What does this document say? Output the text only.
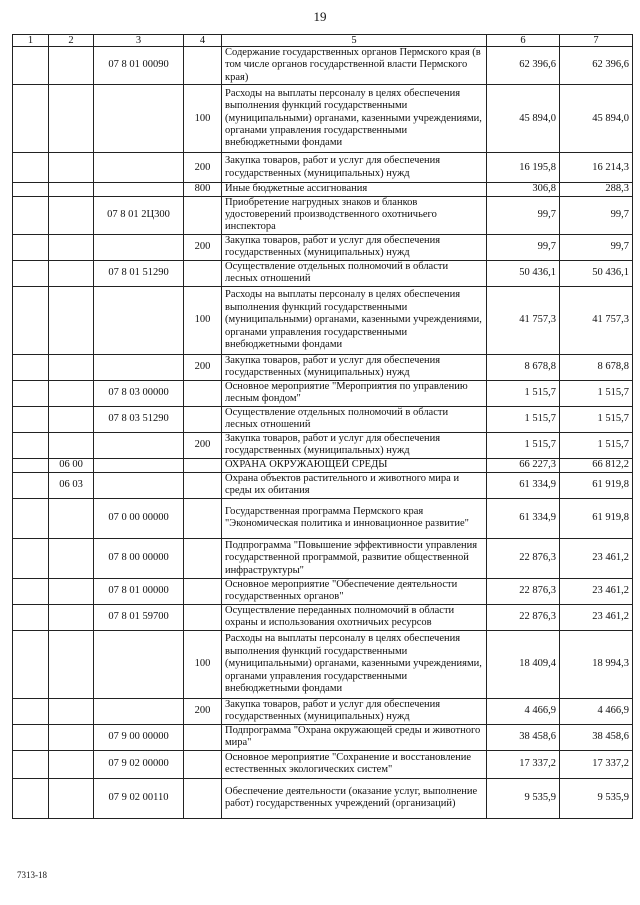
19
1	2	3	4	5	6	7
		07 8 01 00090		Содержание государственных органов Пермского края (в том числе органов государственной власти Пермского края)	62 396,6	62 396,6
			100	Расходы на выплаты персоналу в целях обеспечения выполнения функций государственными (муниципальными) органами, казенными учреждениями, органами управления государственными внебюджетными фондами	45 894,0	45 894,0
			200	Закупка товаров, работ и услуг для обеспечения государственных (муниципальных) нужд	16 195,8	16 214,3
			800	Иные бюджетные ассигнования	306,8	288,3
		07 8 01 2Ц300		Приобретение нагрудных знаков и бланков удостоверений производственного охотничьего инспектора	99,7	99,7
			200	Закупка товаров, работ и услуг для обеспечения государственных (муниципальных) нужд	99,7	99,7
		07 8 01 51290		Осуществление отдельных полномочий в области лесных отношений	50 436,1	50 436,1
			100	Расходы на выплаты персоналу в целях обеспечения выполнения функций государственными (муниципальными) органами, казенными учреждениями, органами управления государственными внебюджетными фондами	41 757,3	41 757,3
			200	Закупка товаров, работ и услуг для обеспечения государственных (муниципальных) нужд	8 678,8	8 678,8
		07 8 03 00000		Основное мероприятие "Мероприятия по управлению лесным фондом"	1 515,7	1 515,7
		07 8 03 51290		Осуществление отдельных полномочий в области лесных отношений	1 515,7	1 515,7
			200	Закупка товаров, работ и услуг для обеспечения государственных (муниципальных) нужд	1 515,7	1 515,7
	06 00			ОХРАНА ОКРУЖАЮЩЕЙ СРЕДЫ	66 227,3	66 812,2
	06 03			Охрана объектов растительного и животного мира и среды их обитания	61 334,9	61 919,8
		07 0 00 00000		Государственная программа Пермского края "Экономическая политика и инновационное развитие"	61 334,9	61 919,8
		07 8 00 00000		Подпрограмма "Повышение эффективности управления государственной программой, развитие общественной инфраструктуры"	22 876,3	23 461,2
		07 8 01 00000		Основное мероприятие "Обеспечение деятельности государственных органов"	22 876,3	23 461,2
		07 8 01 59700		Осуществление переданных полномочий в области охраны и использования охотничьих ресурсов	22 876,3	23 461,2
			100	Расходы на выплаты персоналу в целях обеспечения выполнения функций государственными (муниципальными) органами, казенными учреждениями, органами управления государственными внебюджетными фондами	18 409,4	18 994,3
			200	Закупка товаров, работ и услуг для обеспечения государственных (муниципальных) нужд	4 466,9	4 466,9
		07 9 00 00000		Подпрограмма "Охрана окружающей среды и животного мира"	38 458,6	38 458,6
		07 9 02 00000		Основное мероприятие "Сохранение и восстановление естественных экологических систем"	17 337,2	17 337,2
		07 9 02 00110		Обеспечение деятельности (оказание услуг, выполнение работ) государственных учреждений (организаций)	9 535,9	9 535,9
7313-18
